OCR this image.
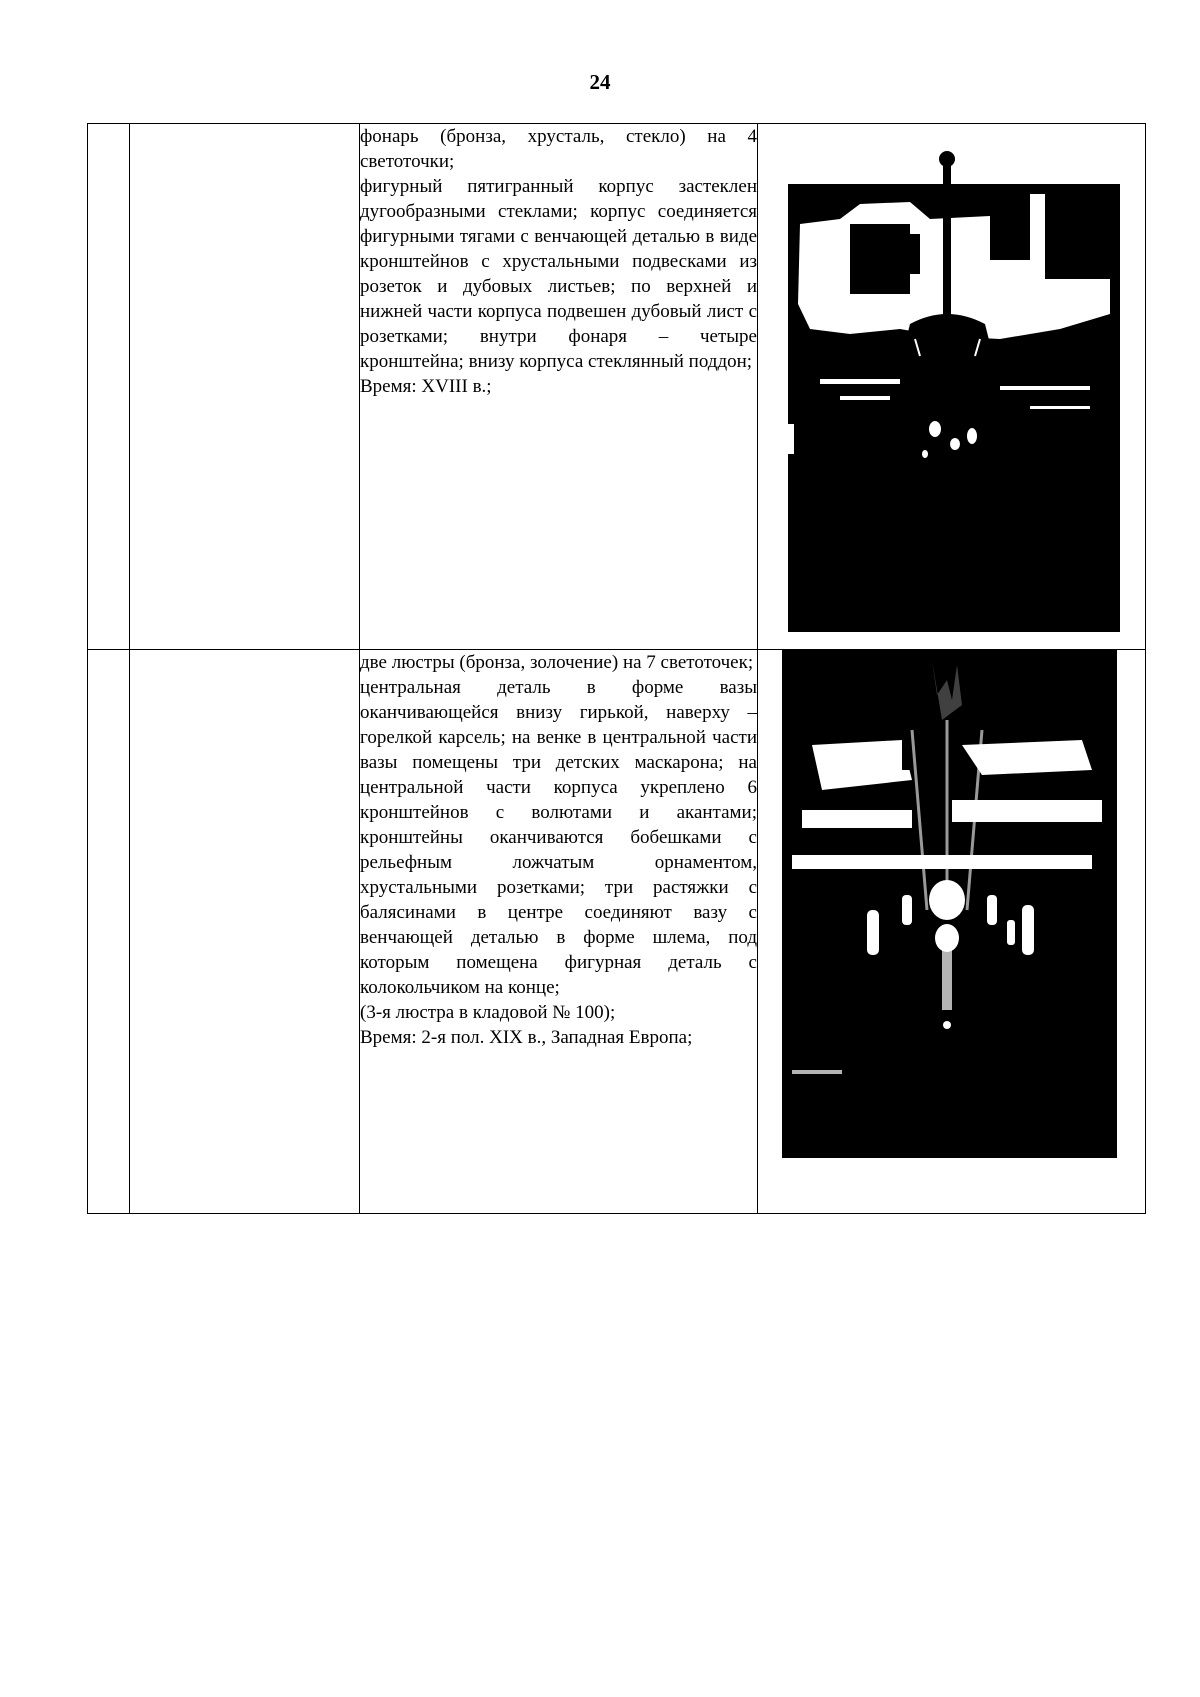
24

		фонарь (бронза, хрусталь, стекло) на 4 светоточки;

фигурный пятигранный корпус застеклен дугообразными стеклами; корпус соединяется фигурными тягами с венчающей деталью в виде кронштейнов с хрустальными подвесками из розеток и дубовых листьев; по верхней и нижней части корпуса подвешен дубовый лист с розетками; внутри фонаря – четыре кронштейна; внизу корпуса стеклянный поддон;

Время: XVIII в.;

		две люстры (бронза, золочение) на 7 светоточек;

центральная деталь в форме вазы оканчивающейся внизу гирькой, наверху – горелкой карсель; на венке в центральной части вазы помещены три детских маскарона; на центральной части корпуса укреплено 6 кронштейнов с волютами и акантами; кронштейны оканчиваются бобешками с рельефным ложчатым орнаментом, хрустальными розетками; три растяжки с балясинами в центре соединяют вазу с венчающей деталью в форме шлема, под которым помещена фигурная деталь с колокольчиком на конце;

(3-я люстра в кладовой № 100);

Время: 2-я пол. XIX в., Западная Европа;
